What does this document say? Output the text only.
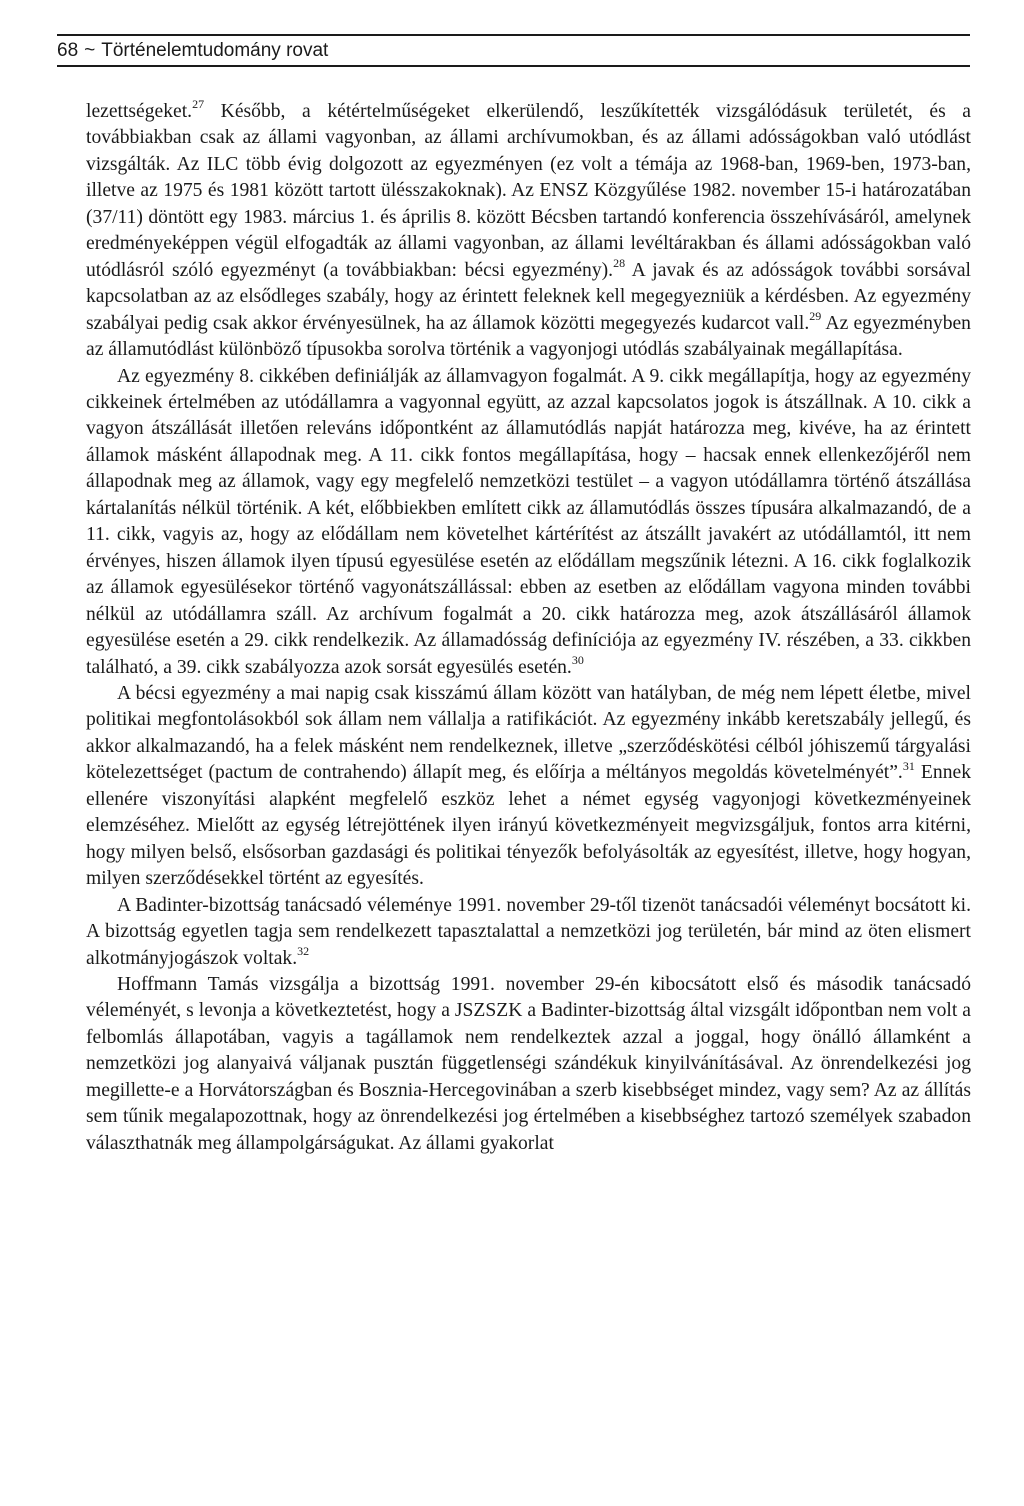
68 ~ Történelemtudomány rovat

lezettségeket.$^{27}$ Később, a kétértelműségeket elkerülendő, leszűkítették vizsgálódásuk területét, és a továbbiakban csak az állami vagyonban, az állami archívumokban, és az állami adósságokban való utódlást vizsgálták. Az ILC több évig dolgozott az egyezményen (ez volt a témája az 1968-ban, 1969-ben, 1973-ban, illetve az 1975 és 1981 között tartott ülésszakoknak). Az ENSZ Közgyűlése 1982. november 15-i határozatában (37/11) döntött egy 1983. március 1. és április 8. között Bécsben tartandó konferencia összehívásáról, amelynek eredményeképpen végül elfogadták az állami vagyonban, az állami levéltárakban és állami adósságokban való utódlásról szóló egyezményt (a továbbiakban: bécsi egyezmény).$^{28}$ A javak és az adósságok további sorsával kapcsolatban az az elsődleges szabály, hogy az érintett feleknek kell megegyezniük a kérdésben. Az egyezmény szabályai pedig csak akkor érvényesülnek, ha az államok közötti megegyezés kudarcot vall.$^{29}$ Az egyezményben az államutódlást különböző típusokba sorolva történik a vagyonjogi utódlás szabályainak megállapítása.

Az egyezmény 8. cikkében definiálják az államvagyon fogalmát. A 9. cikk megállapítja, hogy az egyezmény cikkeinek értelmében az utódállamra a vagyonnal együtt, az azzal kapcsolatos jogok is átszállnak. A 10. cikk a vagyon átszállását illetően releváns időpontként az államutódlás napját határozza meg, kivéve, ha az érintett államok másként állapodnak meg. A 11. cikk fontos megállapítása, hogy – hacsak ennek ellenkezőjéről nem állapodnak meg az államok, vagy egy megfelelő nemzetközi testület – a vagyon utódállamra történő átszállása kártalanítás nélkül történik. A két, előbbiekben említett cikk az államutódlás összes típusára alkalmazandó, de a 11. cikk, vagyis az, hogy az elődállam nem követelhet kártérítést az átszállt javakért az utódállamtól, itt nem érvényes, hiszen államok ilyen típusú egyesülése esetén az elődállam megszűnik létezni. A 16. cikk foglalkozik az államok egyesülésekor történő vagyonátszállással: ebben az esetben az elődállam vagyona minden további nélkül az utódállamra száll. Az archívum fogalmát a 20. cikk határozza meg, azok átszállásáról államok egyesülése esetén a 29. cikk rendelkezik. Az államadósság definíciója az egyezmény IV. részében, a 33. cikkben található, a 39. cikk szabályozza azok sorsát egyesülés esetén.$^{30}$

A bécsi egyezmény a mai napig csak kisszámú állam között van hatályban, de még nem lépett életbe, mivel politikai megfontolásokból sok állam nem vállalja a ratifikációt. Az egyezmény inkább keretszabály jellegű, és akkor alkalmazandó, ha a felek másként nem rendelkeznek, illetve „szerződéskötési célból jóhiszemű tárgyalási kötelezettséget (pactum de contrahendo) állapít meg, és előírja a méltányos megoldás követelményét”.$^{31}$ Ennek ellenére viszonyítási alapként megfelelő eszköz lehet a német egység vagyonjogi következményeinek elemzéséhez. Mielőtt az egység létrejöttének ilyen irányú következményeit megvizsgáljuk, fontos arra kitérni, hogy milyen belső, elsősorban gazdasági és politikai tényezők befolyásolták az egyesítést, illetve, hogy hogyan, milyen szerződésekkel történt az egyesítés.

A Badinter-bizottság tanácsadó véleménye 1991. november 29-től tizenöt tanácsadói véleményt bocsátott ki. A bizottság egyetlen tagja sem rendelkezett tapasztalattal a nemzetközi jog területén, bár mind az öten elismert alkotmányjogászok voltak.$^{32}$

Hoffmann Tamás vizsgálja a bizottság 1991. november 29-én kibocsátott első és második tanácsadó véleményét, s levonja a következtetést, hogy a JSZSZK a Badinter-bizottság által vizsgált időpontban nem volt a felbomlás állapotában, vagyis a tagállamok nem rendelkeztek azzal a joggal, hogy önálló államként a nemzetközi jog alanyaivá váljanak pusztán függetlenségi szándékuk kinyilvánításával. Az önrendelkezési jog megillette-e a Horvátországban és Bosznia-Hercegovinában a szerb kisebbséget mindez, vagy sem? Az az állítás sem tűnik megalapozottnak, hogy az önrendelkezési jog értelmében a kisebbséghez tartozó személyek szabadon választhatnák meg állampolgárságukat. Az állami gyakorlat
